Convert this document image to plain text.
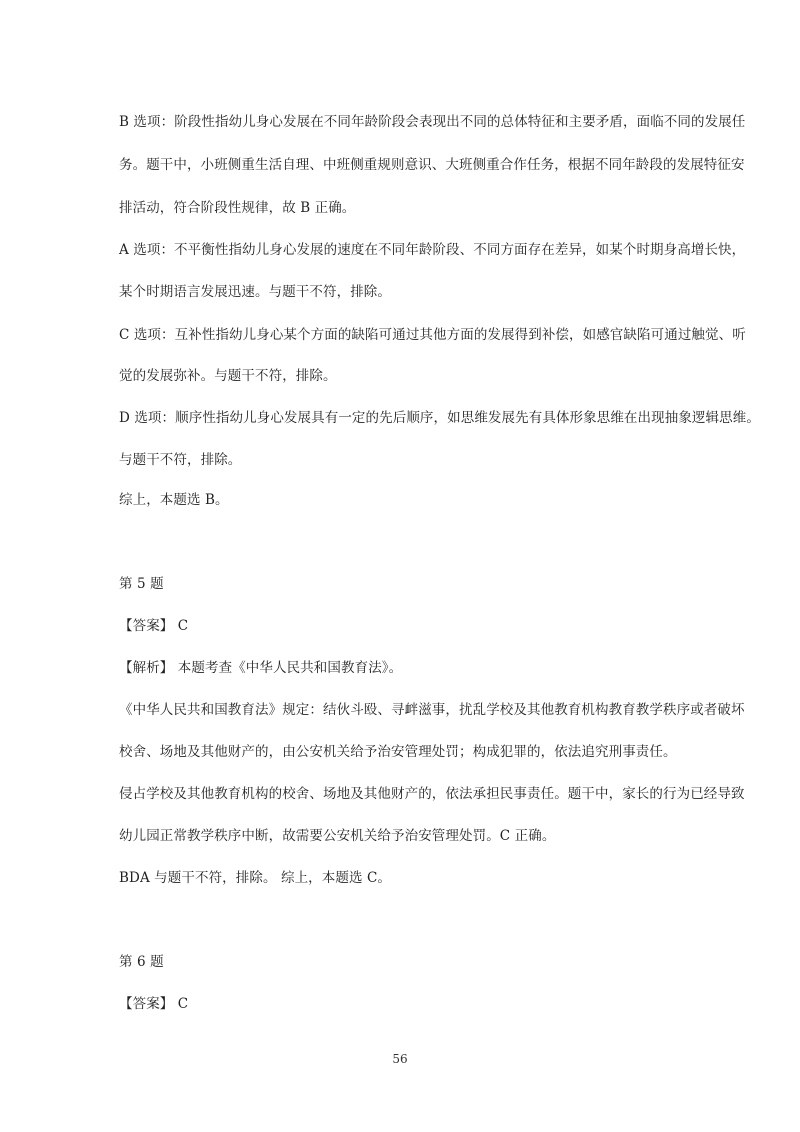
B 选项：阶段性指幼儿身心发展在不同年龄阶段会表现出不同的总体特征和主要矛盾，面临不同的发展任
务。题干中，小班侧重生活自理、中班侧重规则意识、大班侧重合作任务，根据不同年龄段的发展特征安
排活动，符合阶段性规律，故 B 正确。
A 选项：不平衡性指幼儿身心发展的速度在不同年龄阶段、不同方面存在差异，如某个时期身高增长快，
某个时期语言发展迅速。与题干不符，排除。
C 选项：互补性指幼儿身心某个方面的缺陷可通过其他方面的发展得到补偿，如感官缺陷可通过触觉、听
觉的发展弥补。与题干不符，排除。
D 选项：顺序性指幼儿身心发展具有一定的先后顺序，如思维发展先有具体形象思维在出现抽象逻辑思维。
与题干不符，排除。
综上，本题选 B。
第 5 题
【答案】 C
【解析】 本题考查《中华人民共和国教育法》。
《中华人民共和国教育法》规定：结伙斗殴、寻衅滋事，扰乱学校及其他教育机构教育教学秩序或者破坏
校舍、场地及其他财产的，由公安机关给予治安管理处罚；构成犯罪的，依法追究刑事责任。
侵占学校及其他教育机构的校舍、场地及其他财产的，依法承担民事责任。题干中，家长的行为已经导致
幼儿园正常教学秩序中断，故需要公安机关给予治安管理处罚。C 正确。
BDA 与题干不符，排除。 综上，本题选 C。
第 6 题
【答案】 C
56
